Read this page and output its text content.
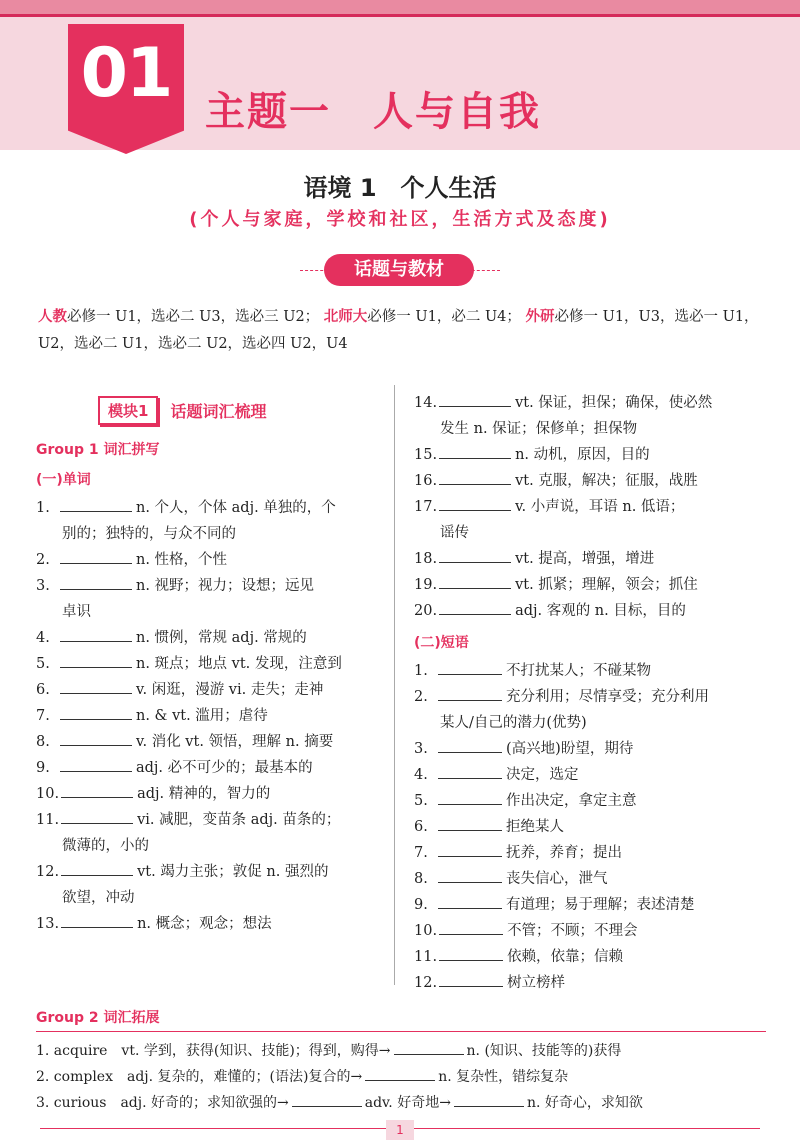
01 主题一　人与自我
语境 1　个人生活
(个人与家庭，学校和社区，生活方式及态度)
话题与教材
人教必修一 U1，选必二 U3，选必三 U2； 北师大必修一 U1，必二 U4； 外研必修一 U1，U3，选必一 U1，U2，选必二 U1，选必二 U2，选必四 U2，U4
模块1	话题词汇梳理
Group 1 词汇拼写
(一)单词
1.	n. 个人，个体 adj. 单独的，个
别的；独特的，与众不同的
2.	n. 性格，个性
3.	n. 视野；视力；设想；远见
卓识
4.	n. 惯例，常规 adj. 常规的
5.	n. 斑点；地点 vt. 发现，注意到
6.	v. 闲逛，漫游 vi. 走失；走神
7.	n. & vt. 滥用；虐待
8.	v. 消化 vt. 领悟，理解 n. 摘要
9.	adj. 必不可少的；最基本的
10.	adj. 精神的，智力的
11.	vi. 减肥，变苗条 adj. 苗条的；
微薄的，小的
12.	vt. 竭力主张；敦促 n. 强烈的
欲望，冲动
13.	n. 概念；观念；想法
14.	vt. 保证，担保；确保，使必然
发生 n. 保证；保修单；担保物
15.	n. 动机，原因，目的
16.	vt. 克服，解决；征服，战胜
17.	v. 小声说，耳语 n. 低语；
谣传
18.	vt. 提高，增强，增进
19.	vt. 抓紧；理解，领会；抓住
20.	adj. 客观的 n. 目标，目的
(二)短语
1.	不打扰某人；不碰某物
2.	充分利用；尽情享受；充分利用
某人/自己的潜力(优势)
3.	(高兴地)盼望，期待
4.	决定，选定
5.	作出决定，拿定主意
6.	拒绝某人
7.	抚养，养育；提出
8.	丧失信心，泄气
9.	有道理；易于理解；表述清楚
10.	不管；不顾；不理会
11.	依赖，依靠；信赖
12.	树立榜样
Group 2 词汇拓展
1. acquire　vt. 学到，获得(知识、技能)；得到，购得→	n. (知识、技能等的)获得
2. complex　adj. 复杂的，难懂的；(语法)复合的→	n. 复杂性，错综复杂
3. curious　adj. 好奇的；求知欲强的→	adv. 好奇地→	n. 好奇心，求知欲
1
